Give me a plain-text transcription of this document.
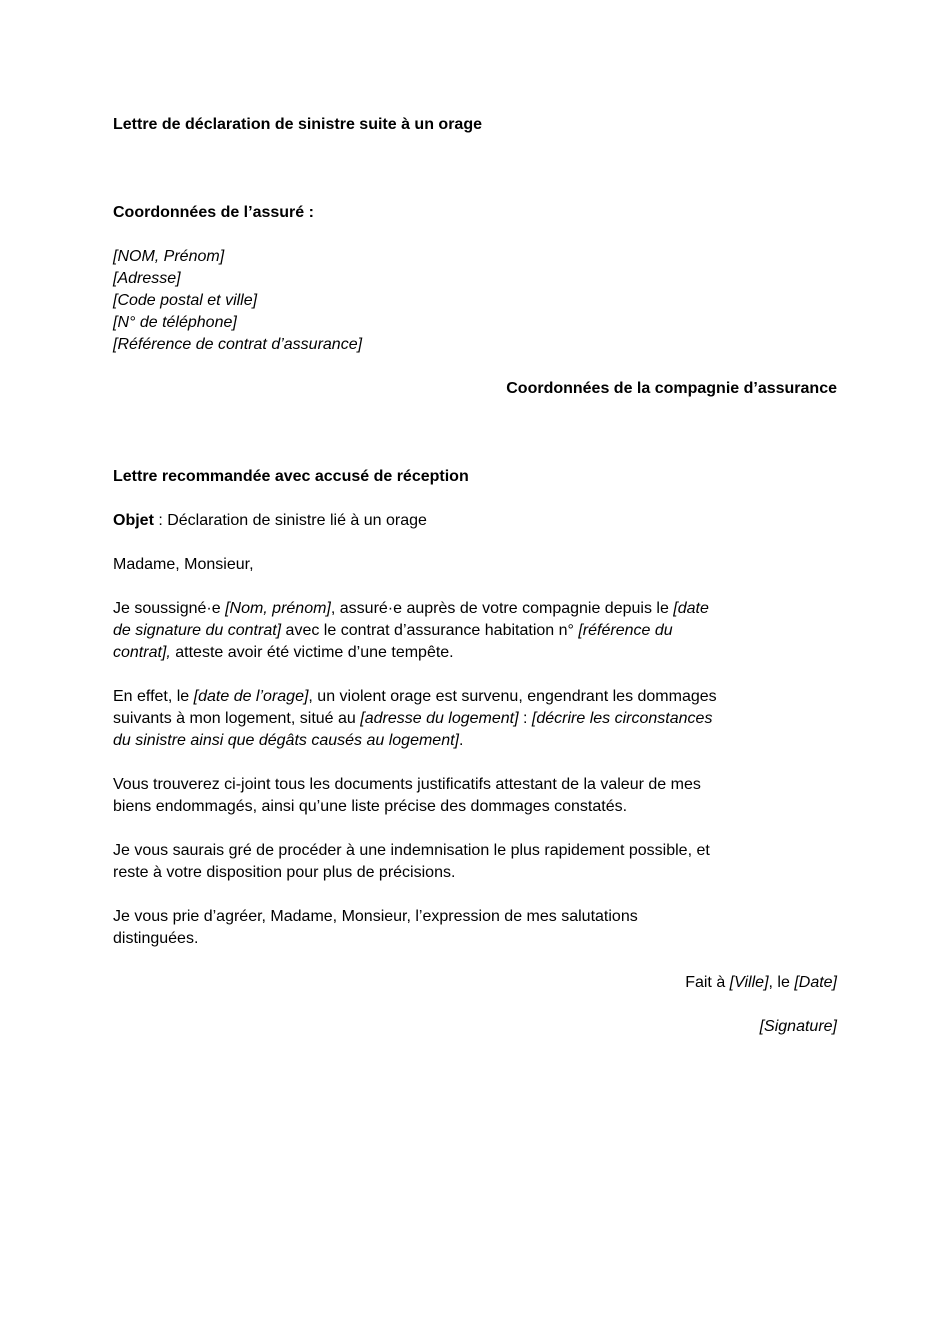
Lettre de déclaration de sinistre suite à un orage
Coordonnées de l’assuré :
[NOM, Prénom]
[Adresse]
[Code postal et ville]
[N° de téléphone]
[Référence de contrat d’assurance]
Coordonnées de la compagnie d’assurance
Lettre recommandée avec accusé de réception
Objet : Déclaration de sinistre lié à un orage
Madame, Monsieur,
Je soussigné·e [Nom, prénom], assuré·e auprès de votre compagnie depuis le [date
de signature du contrat] avec le contrat d’assurance habitation n° [référence du
contrat], atteste avoir été victime d’une tempête.
En effet, le [date de l’orage], un violent orage est survenu, engendrant les dommages
suivants à mon logement, situé au [adresse du logement] : [décrire les circonstances
du sinistre ainsi que dégâts causés au logement].
Vous trouverez ci-joint tous les documents justificatifs attestant de la valeur de mes
biens endommagés, ainsi qu’une liste précise des dommages constatés.
Je vous saurais gré de procéder à une indemnisation le plus rapidement possible, et
reste à votre disposition pour plus de précisions.
Je vous prie d’agréer, Madame, Monsieur, l’expression de mes salutations
distinguées.
Fait à [Ville], le [Date]
[Signature]
